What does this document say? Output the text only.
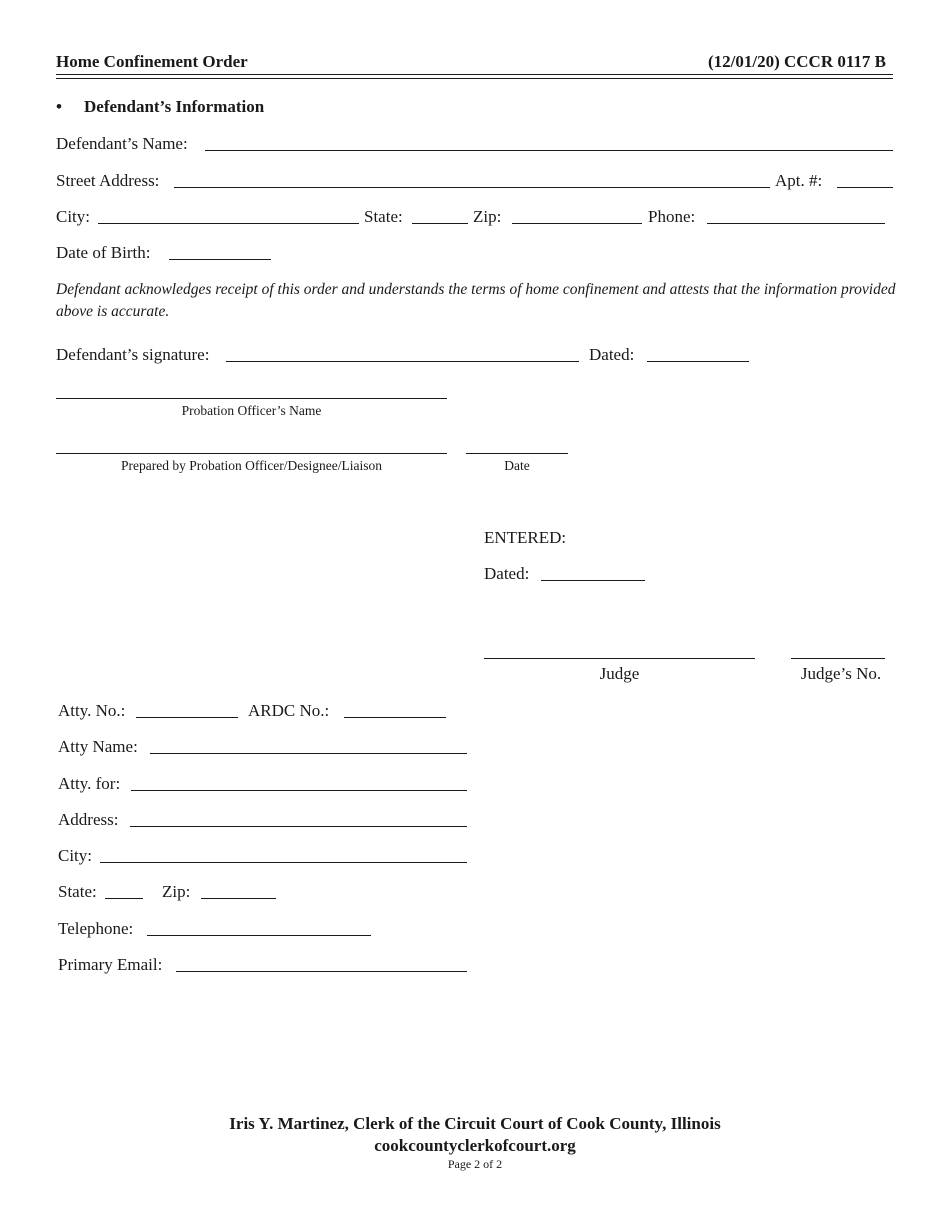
Home Confinement Order	(12/01/20) CCCR 0117 B
• Defendant’s Information
Defendant’s Name:
Street Address:	Apt. #:
City:	State:	Zip:	Phone:
Date of Birth:
Defendant acknowledges receipt of this order and understands the terms of home confinement and attests that the information provided above is accurate.
Defendant’s signature:	Dated:
Probation Officer’s Name
Prepared by Probation Officer/Designee/Liaison	Date
ENTERED:
Dated:
Judge	Judge’s No.
Atty. No.:	ARDC No.:
Atty Name:
Atty. for:
Address:
City:
State:	Zip:
Telephone:
Primary Email:
Iris Y. Martinez, Clerk of the Circuit Court of Cook County, Illinois
cookcountyclerkofcourt.org
Page 2 of 2
